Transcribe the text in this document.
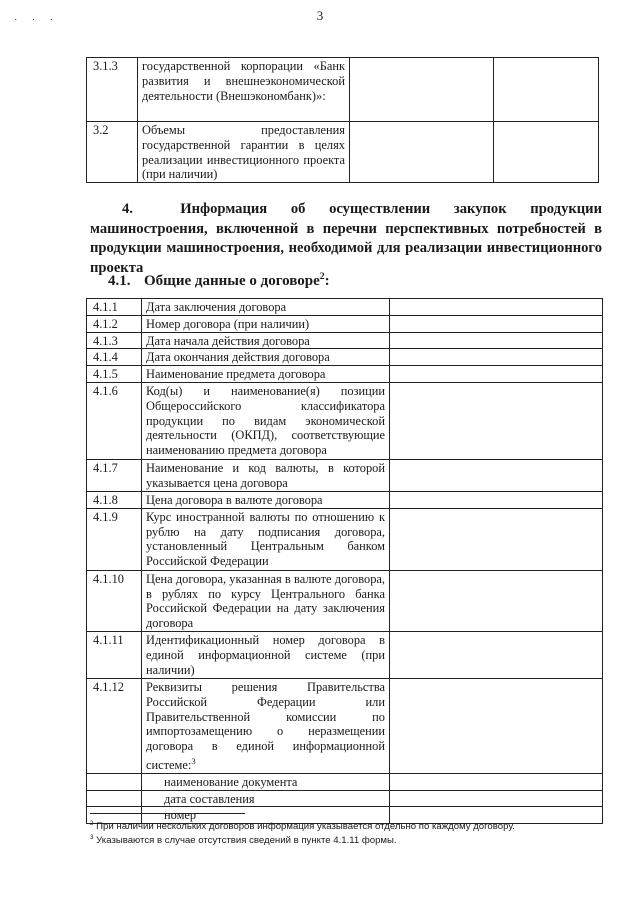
3
˙ ˙ ˙
3.1.3	государственной корпорации «Банк развития и внешнеэкономической деятельности (Внешэкономбанк)»:		
3.2	Объемы предоставления государственной гарантии в целях реализации инвестиционного проекта (при наличии)		

4.	Информация об осуществлении закупок продукции машиностроения, включенной в перечни перспективных потребностей в продукции машиностроения, необходимой для реализации инвестиционного проекта

4.1. Общие данные о договоре$^2$:

4.1.1	Дата заключения договора	
4.1.2	Номер договора (при наличии)	
4.1.3	Дата начала действия договора	
4.1.4	Дата окончания действия договора	
4.1.5	Наименование предмета договора	
4.1.6	Код(ы) и наименование(я) позиции Общероссийского классификатора продукции по видам экономической деятельности (ОКПД), соответствующие наименованию предмета договора	
4.1.7	Наименование и код валюты, в которой указывается цена договора	
4.1.8	Цена договора в валюте договора	
4.1.9	Курс иностранной валюты по отношению к рублю на дату подписания договора, установленный Центральным банком Российской Федерации	
4.1.10	Цена договора, указанная в валюте договора, в рублях по курсу Центрального банка Российской Федерации на дату заключения договора	
4.1.11	Идентификационный номер договора в единой информационной системе (при наличии)	
4.1.12	Реквизиты решения Правительства Российской Федерации или Правительственной комиссии по импортозамещению о неразмещении договора в единой информационной системе:$^3$	
	наименование документа	
	дата составления	
	номер	
$^2$ При наличии нескольких договоров информация указывается отдельно по каждому договору.
$^3$ Указываются в случае отсутствия сведений в пункте 4.1.11 формы.
